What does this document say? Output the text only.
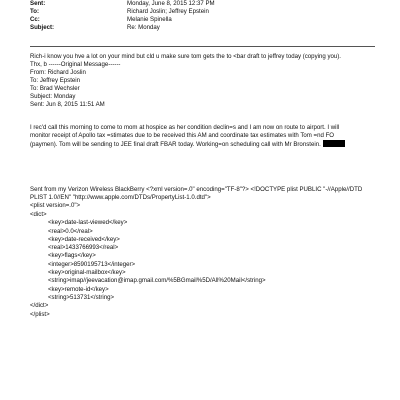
Sent:	Monday, June 8, 2015 12:37 PM
To:	Richard Joslin; Jeffrey Epstein
Cc:	Melanie Spinella
Subject:	Re: Monday
Rich-i know you hve a lot on your mind but cld u make sure tom gets the to <bar draft to jeffrey today (copying you).
Thx, b ------Original Message------
From: Richard Joslin
To: Jeffrey Epstein
To: Brad Wechsler
Subject: Monday
Sent: Jun 8, 2015 11:51 AM
I rec'd call this morning to come to mom at hospice as her condition declin=s and I am now on route to airport. I will
monitor receipt of Apollo tax =stimates due to be received this AM and coordinate tax estimates with Tom =nd FO
(paymen). Tom will be sending to JEE final draft FBAR today. Working=on scheduling call with Mr Bronstein.
Sent from my Verizon Wireless BlackBerry <?xml version=.0" encoding="TF-8"?> <!DOCTYPE plist PUBLIC "-//Apple//DTD
PLIST 1.0//EN" "http://www.apple.com/DTDs/PropertyList-1.0.dtd">
<plist version=.0">
<dict>
<key>date-last-viewed</key>
<real>0.0</real>
<key>date-received</key>
<real>1433766993</real>
<key>flags</key>
<integer>8590195713</integer>
<key>original-mailbox</key>
<string>imap//jeevacation@imap.gmail.com/%5BGmail%5D/All%20Mail</string>
<key>remote-id</key>
<string>513731</string>
</dict>
</plist>
